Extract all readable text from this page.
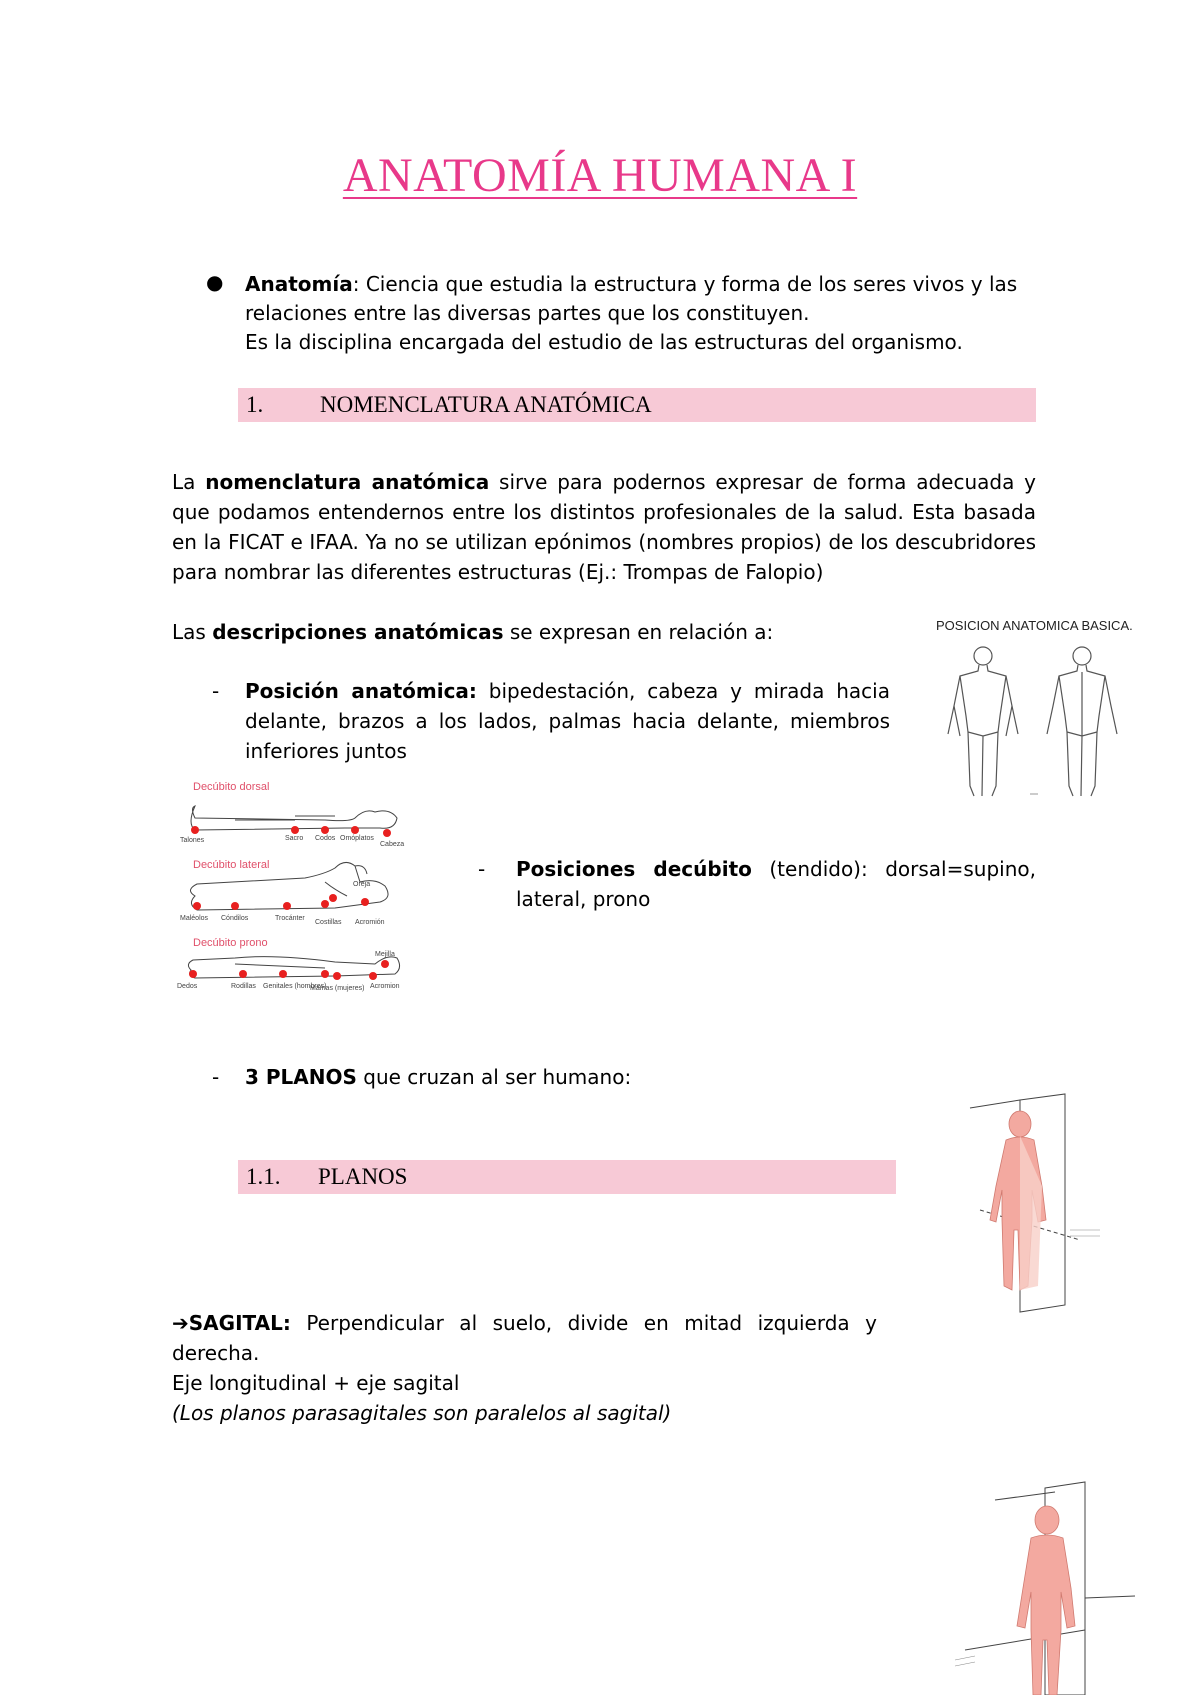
ANATOMÍA HUMANA I
● Anatomía: Ciencia que estudia la estructura y forma de los seres vivos y las
relaciones entre las diversas partes que los constituyen.
Es la disciplina encargada del estudio de las estructuras del organismo.
1. NOMENCLATURA ANATÓMICA
La nomenclatura anatómica sirve para podernos expresar de forma adecuada y que podamos entendernos entre los distintos profesionales de la salud. Esta basada en la FICAT e IFAA. Ya no se utilizan epónimos (nombres propios) de los descubridores para nombrar las diferentes estructuras (Ej.: Trompas de Falopio)
Las descripciones anatómicas se expresan en relación a:
- Posición anatómica: bipedestación, cabeza y mirada hacia delante, brazos a los lados, palmas hacia delante, miembros inferiores juntos
POSICION ANATOMICA BASICA.
Decúbito dorsal
Talones	Sacro Codos Omóplatos
Cabeza
Decúbito lateral
Maléolos Cóndilos	Trocánter
Costillas Acromión
Oreja
Decúbito prono
Dedos	Rodillas Genitales (hombres)
Mamas (mujeres) Acromion
Mejilla
- Posiciones decúbito (tendido): dorsal=supino, lateral, prono
- 3 PLANOS que cruzan al ser humano:
1.1. PLANOS
➔SAGITAL: Perpendicular al suelo, divide en mitad izquierda y derecha.
Eje longitudinal + eje sagital
(Los planos parasagitales son paralelos al sagital)
